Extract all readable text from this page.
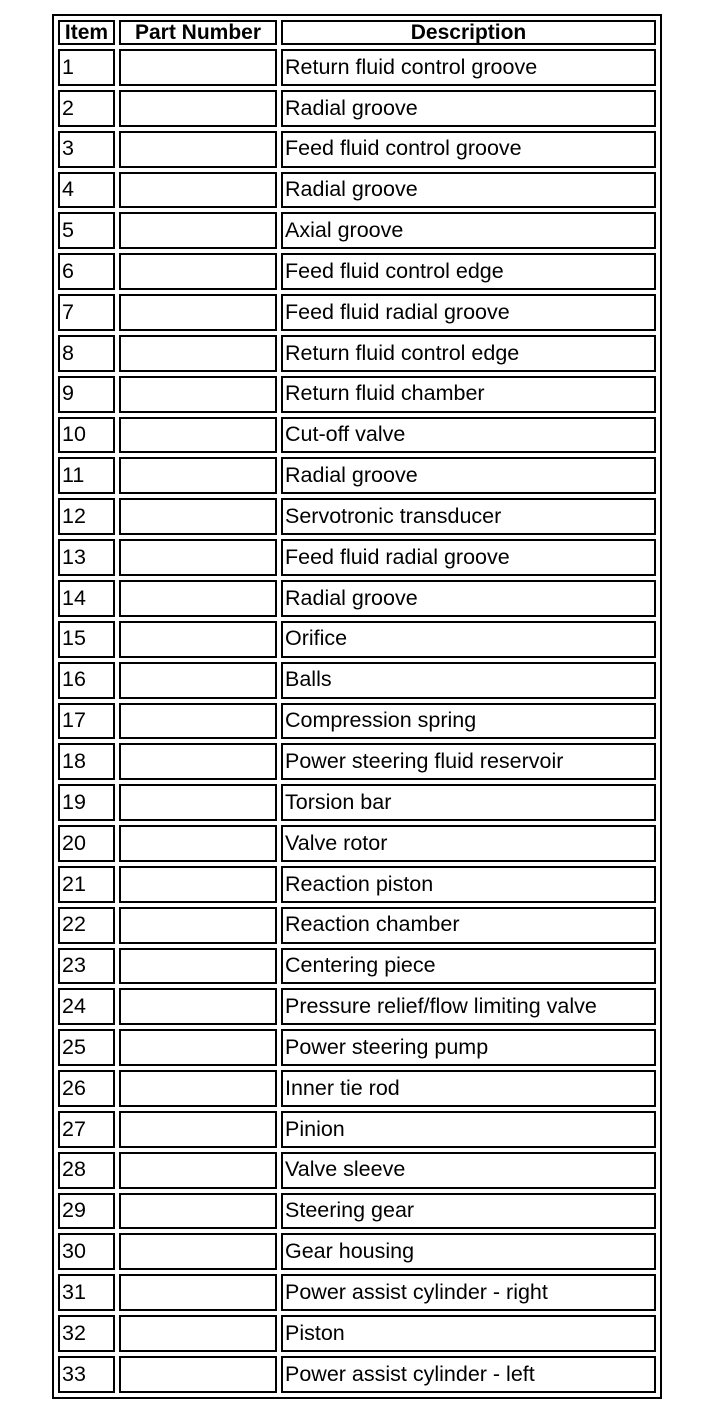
Item	Part Number	Description
1		Return fluid control groove
2		Radial groove
3		Feed fluid control groove
4		Radial groove
5		Axial groove
6		Feed fluid control edge
7		Feed fluid radial groove
8		Return fluid control edge
9		Return fluid chamber
10		Cut-off valve
11		Radial groove
12		Servotronic transducer
13		Feed fluid radial groove
14		Radial groove
15		Orifice
16		Balls
17		Compression spring
18		Power steering fluid reservoir
19		Torsion bar
20		Valve rotor
21		Reaction piston
22		Reaction chamber
23		Centering piece
24		Pressure relief/flow limiting valve
25		Power steering pump
26		Inner tie rod
27		Pinion
28		Valve sleeve
29		Steering gear
30		Gear housing
31		Power assist cylinder - right
32		Piston
33		Power assist cylinder - left
